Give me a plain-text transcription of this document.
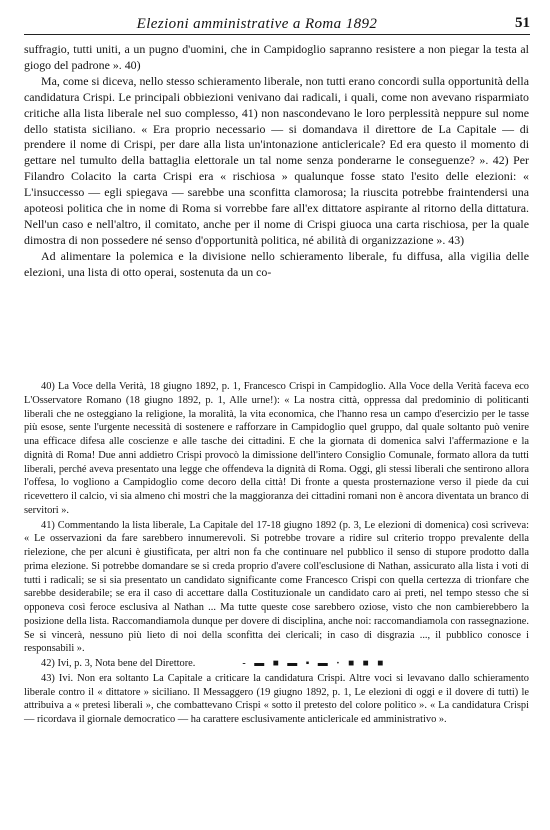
Elezioni amministrative a Roma 1892	51

suffragio, tutti uniti, a un pugno d'uomini, che in Campidoglio sapranno resistere a non piegar la testa al giogo del padrone ». 40)

Ma, come si diceva, nello stesso schieramento liberale, non tutti erano concordi sulla opportunità della candidatura Crispi. Le principali obbiezioni venivano dai radicali, i quali, come non avevano risparmiato critiche alla lista liberale nel suo complesso, 41) non nascondevano le loro perplessità neppure sul nome dello statista siciliano. « Era proprio necessario — si domandava il direttore de La Capitale — di prendere il nome di Crispi, per dare alla lista un'intonazione anticlericale? Ed era questo il momento di gettare nel tumulto della battaglia elettorale un tal nome senza ponderarne le conseguenze? ». 42) Per Filandro Colacito la carta Crispi era « rischiosa » qualunque fosse stato l'esito delle elezioni: « L'insuccesso — egli spiegava — sarebbe una sconfitta clamorosa; la riuscita potrebbe fraintendersi una apoteosi politica che in nome di Roma si vorrebbe fare all'ex dittatore aspirante al ritorno della dittatura. Nell'un caso e nell'altro, il comitato, anche per il nome di Crispi giuoca una carta rischiosa, per la quale dimostra di non possedere né senso d'opportunità politica, né abilità di organizzazione ». 43)

Ad alimentare la polemica e la divisione nello schieramento liberale, fu diffusa, alla vigilia delle elezioni, una lista di otto operai, sostenuta da un co-

40) La Voce della Verità, 18 giugno 1892, p. 1, Francesco Crispi in Campidoglio. Alla Voce della Verità faceva eco L'Osservatore Romano (18 giugno 1892, p. 1, Alle urne!): « La nostra città, oppressa dal predominio di politicanti liberali che ne osteggiano la religione, la moralità, la vita economica, che l'hanno resa un campo d'esercizio per le tasse più esose, sente l'urgente necessità di sostenere e rafforzare in Campidoglio quel gruppo, dal quale soltanto può venire una efficace difesa alle coscienze e alle tasche dei cittadini. E che la giornata di domenica salvi l'affermazione e la dignità di Roma! Due anni addietro Crispi provocò la dimissione dell'intero Consiglio Comunale, formato allora da tutti liberali, perché aveva presentato una legge che offendeva la dignità di Roma. Oggi, gli stessi liberali che sentirono allora l'offesa, lo vogliono a Campidoglio come decoro della città! Di fronte a questa prosternazione verso il piede da cui ricevettero il calcio, vi sia almeno chi mostri che la maggioranza dei cittadini romani non è ancora diventata un branco di servitori ».

41) Commentando la lista liberale, La Capitale del 17-18 giugno 1892 (p. 3, Le elezioni di domenica) così scriveva: « Le osservazioni da fare sarebbero innumerevoli. Si potrebbe trovare a ridire sul criterio troppo prevalente della rielezione, che per alcuni è giustificata, per altri non fa che continuare nel pubblico il senso di stupore prodotto dalla prima elezione. Si potrebbe domandare se si creda proprio d'avere coll'esclusione di Nathan, assicurato alla lista i voti di tutti i radicali; se si sia presentato un candidato significante come Francesco Crispi con quella certezza di trionfare che sarebbe desiderabile; se era il caso di accettare dalla Costituzionale un candidato caro ai preti, nel tempo stesso che si opponeva così feroce esclusiva al Nathan ... Ma tutte queste cose sarebbero oziose, visto che non cambierebbero la posizione della lista. Raccomandiamola dunque per dovere di disciplina, anche noi: raccomandiamola con rassegnazione. Se si vincerà, nessuno più lieto di noi della sconfitta dei clericali; in caso di disgrazia ..., il pubblico conosce i responsabili ».

42) Ivi, p. 3, Nota bene del Direttore.	- ▬ ■ ▬ ▪ ▬ · ■ ■ ■

43) Ivi. Non era soltanto La Capitale a criticare la candidatura Crispi. Altre voci si levavano dallo schieramento liberale contro il « dittatore » siciliano. Il Messaggero (19 giugno 1892, p. 1, Le elezioni di oggi e il dovere di tutti) le attribuiva a « pretesi liberali », che combattevano Crispi « sotto il pretesto del colore politico ». « La candidatura Crispi — ricordava il giornale democratico — ha carattere esclusivamente anticlericale ed amministrativo ».
